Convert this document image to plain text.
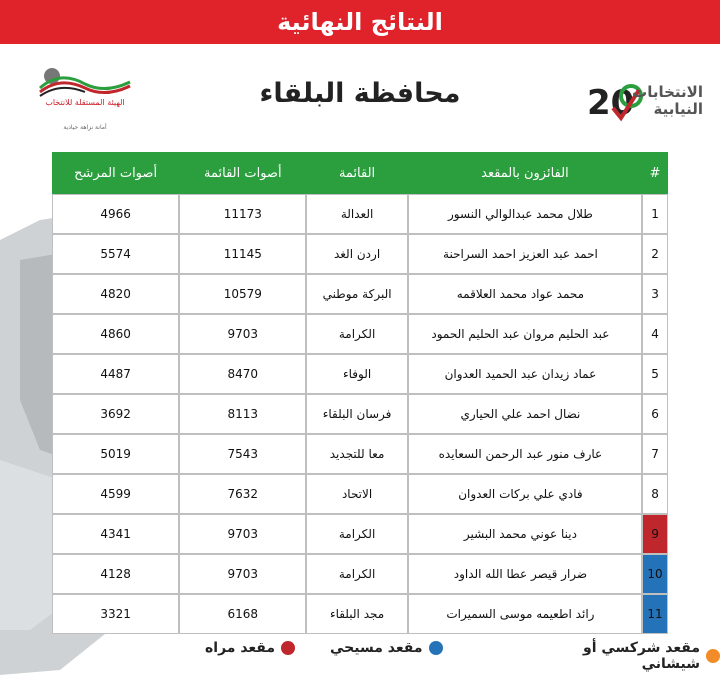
النتائج النهائية
الهيئة المستقلة للانتخاب
أمانة نزاهة حيادية
محافظة البلقاء	20
الانتخابات النيابية
#	الفائزون بالمقعد	القائمة	أصوات القائمة	أصوات المرشح
1	طلال محمد عبدالوالي النسور	العدالة	11173	4966
2	احمد عبد العزيز احمد السراحنة	اردن الغد	11145	5574
3	محمد عواد محمد العلاقمه	البركة موطني	10579	4820
4	عبد الحليم مروان عبد الحليم الحمود	الكرامة	9703	4860
5	عماد زيدان عبد الحميد العدوان	الوفاء	8470	4487
6	نضال احمد علي الحياري	فرسان البلقاء	8113	3692
7	عارف منور عبد الرحمن السعايده	معا للتجديد	7543	5019
8	فادي علي بركات العدوان	الاتحاد	7632	4599
9	دينا عوني محمد البشير	الكرامة	9703	4341
10	ضرار قيصر عطا الله الداود	الكرامة	9703	4128
11	رائد اطعيمه موسى السميرات	مجد البلقاء	6168	3321
مقعد شركسي أو شيشاني
مقعد مسيحي
مقعد مراه
